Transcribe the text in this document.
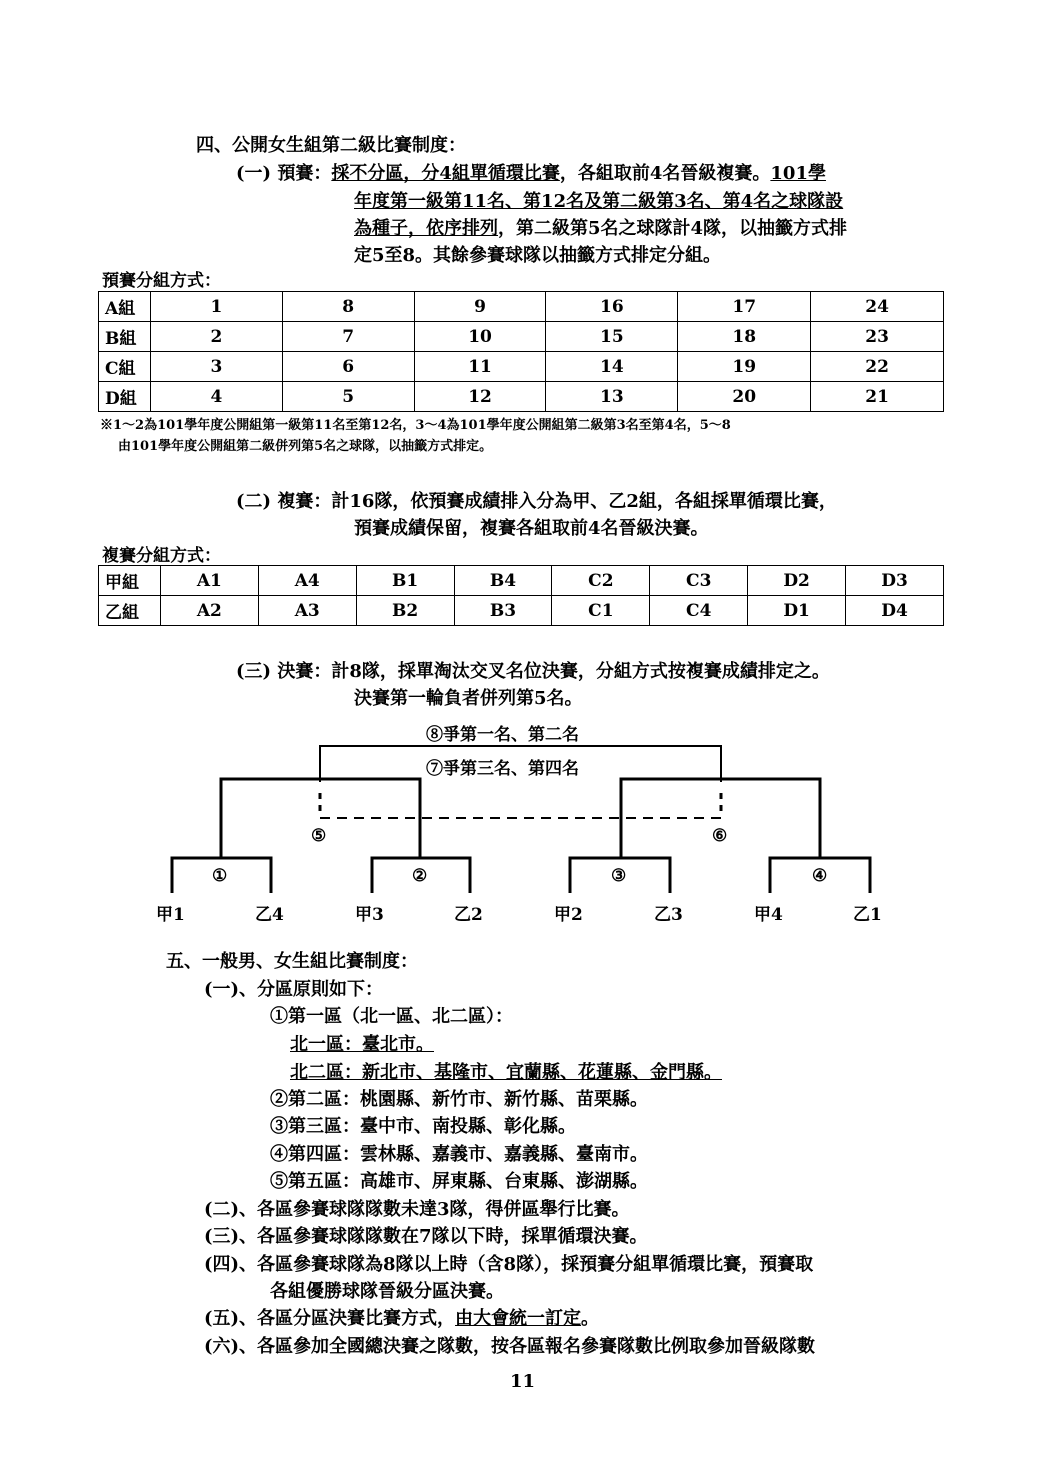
四、公開女生組第二級比賽制度：
(一) 預賽：採不分區，分4組單循環比賽，各組取前4名晉級複賽。101學
年度第一級第11名、第12名及第二級第3名、第4名之球隊設
為種子，依序排列，第二級第5名之球隊計4隊，以抽籤方式排
定5至8。其餘參賽球隊以抽籤方式排定分組。
預賽分組方式：
A組	1	8	9	16	17	24
B組	2	7	10	15	18	23
C組	3	6	11	14	19	22
D組	4	5	12	13	20	21
※1～2為101學年度公開組第一級第11名至第12名，3～4為101學年度公開組第二級第3名至第4名，5～8
由101學年度公開組第二級併列第5名之球隊，以抽籤方式排定。
(二) 複賽：計16隊，依預賽成績排入分為甲、乙2組，各組採單循環比賽，
預賽成績保留，複賽各組取前4名晉級決賽。
複賽分組方式：
甲組	A1	A4	B1	B4	C2	C3	D2	D3
乙組	A2	A3	B2	B3	C1	C4	D1	D4
(三) 決賽：計8隊，採單淘汰交叉名位決賽，分組方式按複賽成績排定之。
決賽第一輪負者併列第5名。
⑧爭第一名、第二名
⑦爭第三名、第四名
⑤	⑥
①	②	③	④
甲1	乙4	甲3	乙2	甲2	乙3	甲4	乙1
五、一般男、女生組比賽制度：
(一)、分區原則如下：
①第一區（北一區、北二區）：
北一區：臺北市。
北二區：新北市、基隆市、宜蘭縣、花蓮縣、金門縣。
②第二區：桃園縣、新竹市、新竹縣、苗栗縣。
③第三區：臺中市、南投縣、彰化縣。
④第四區：雲林縣、嘉義市、嘉義縣、臺南市。
⑤第五區：高雄市、屏東縣、台東縣、澎湖縣。
(二)、各區參賽球隊隊數未達3隊，得併區舉行比賽。
(三)、各區參賽球隊隊數在7隊以下時，採單循環決賽。
(四)、各區參賽球隊為8隊以上時（含8隊），採預賽分組單循環比賽，預賽取
各組優勝球隊晉級分區決賽。
(五)、各區分區決賽比賽方式，由大會統一訂定。
(六)、各區參加全國總決賽之隊數，按各區報名參賽隊數比例取參加晉級隊數
11
